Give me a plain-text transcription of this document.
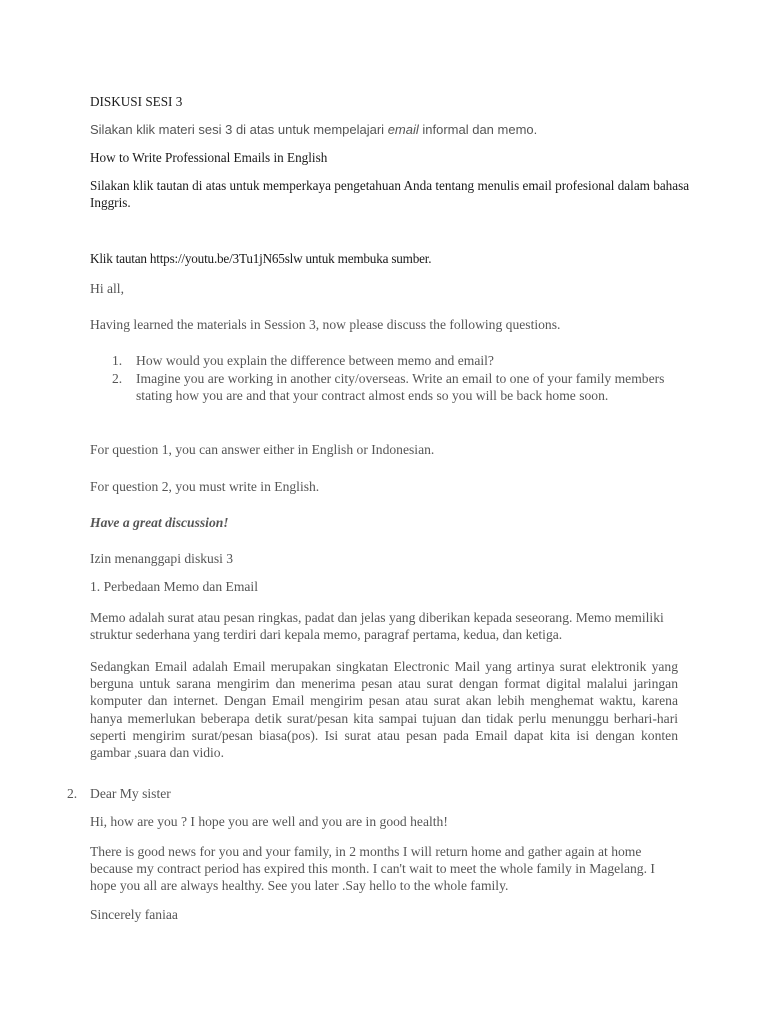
DISKUSI SESI 3

Silakan klik materi sesi 3 di atas untuk mempelajari email informal dan memo.

How to Write Professional Emails in English

Silakan klik tautan di atas untuk memperkaya pengetahuan Anda tentang menulis email profesional dalam bahasa Inggris.

Klik tautan https://youtu.be/3Tu1jN65slw untuk membuka sumber.

Hi all,

Having learned the materials in Session 3, now please discuss the following questions.

1. How would you explain the difference between memo and email?

2. Imagine you are working in another city/overseas. Write an email to one of your family members stating how you are and that your contract almost ends so you will be back home soon.

For question 1, you can answer either in English or Indonesian.

For question 2, you must write in English.

Have a great discussion!

Izin menanggapi diskusi 3

1. Perbedaan Memo dan Email

Memo adalah surat atau pesan ringkas, padat dan jelas yang diberikan kepada seseorang. Memo memiliki struktur sederhana yang terdiri dari kepala memo, paragraf pertama, kedua, dan ketiga.

Sedangkan Email adalah Email merupakan singkatan Electronic Mail yang artinya surat elektronik yang berguna untuk sarana mengirim dan menerima pesan atau surat dengan format digital malalui jaringan komputer dan internet. Dengan Email mengirim pesan atau surat akan lebih menghemat waktu, karena hanya memerlukan beberapa detik surat/pesan kita sampai tujuan dan tidak perlu menunggu berhari-hari seperti mengirim surat/pesan biasa(pos). Isi surat atau pesan pada Email dapat kita isi dengan konten gambar ,suara dan vidio.

2. Dear My sister

Hi, how are you ? I hope you are well and you are in good health!

There is good news for you and your family, in 2 months I will return home and gather again at home because my contract period has expired this month. I can't wait to meet the whole family in Magelang. I hope you all are always healthy. See you later .Say hello to the whole family.

Sincerely faniaa
